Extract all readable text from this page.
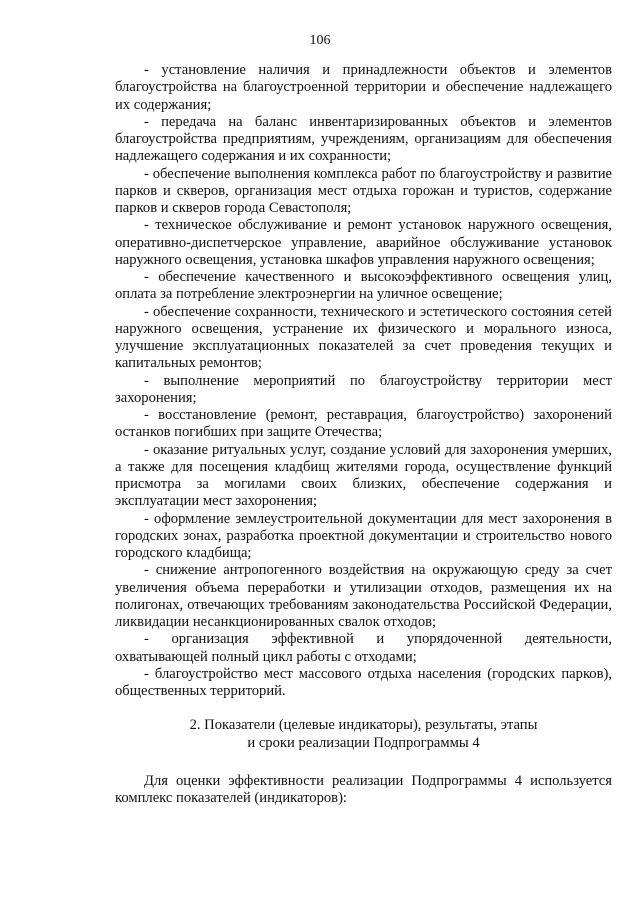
106

- установление наличия и принадлежности объектов и элементов благоустройства на благоустроенной территории и обеспечение надлежащего их содержания;

- передача на баланс инвентаризированных объектов и элементов благоустройства предприятиям, учреждениям, организациям для обеспечения надлежащего содержания и их сохранности;

- обеспечение выполнения комплекса работ по благоустройству и развитие парков и скверов, организация мест отдыха горожан и туристов, содержание парков и скверов города Севастополя;

- техническое обслуживание и ремонт установок наружного освещения, оперативно-диспетчерское управление, аварийное обслуживание установок наружного освещения, установка шкафов управления наружного освещения;

- обеспечение качественного и высокоэффективного освещения улиц, оплата за потребление электроэнергии на уличное освещение;

- обеспечение сохранности, технического и эстетического состояния сетей наружного освещения, устранение их физического и морального износа, улучшение эксплуатационных показателей за счет проведения текущих и капитальных ремонтов;

- выполнение мероприятий по благоустройству территории мест захоронения;

- восстановление (ремонт, реставрация, благоустройство) захоронений останков погибших при защите Отечества;

- оказание ритуальных услуг, создание условий для захоронения умерших, а также для посещения кладбищ жителями города, осуществление функций присмотра за могилами своих близких, обеспечение содержания и эксплуатации мест захоронения;

- оформление землеустроительной документации для мест захоронения в городских зонах, разработка проектной документации и строительство нового городского кладбища;

- снижение антропогенного воздействия на окружающую среду за счет увеличения объема переработки и утилизации отходов, размещения их на полигонах, отвечающих требованиям законодательства Российской Федерации, ликвидации несанкционированных свалок отходов;

- организация эффективной и упорядоченной деятельности, охватывающей полный цикл работы с отходами;

- благоустройство мест массового отдыха населения (городских парков), общественных территорий.

2. Показатели (целевые индикаторы), результаты, этапы
и сроки реализации Подпрограммы 4

Для оценки эффективности реализации Подпрограммы 4 используется комплекс показателей (индикаторов):
